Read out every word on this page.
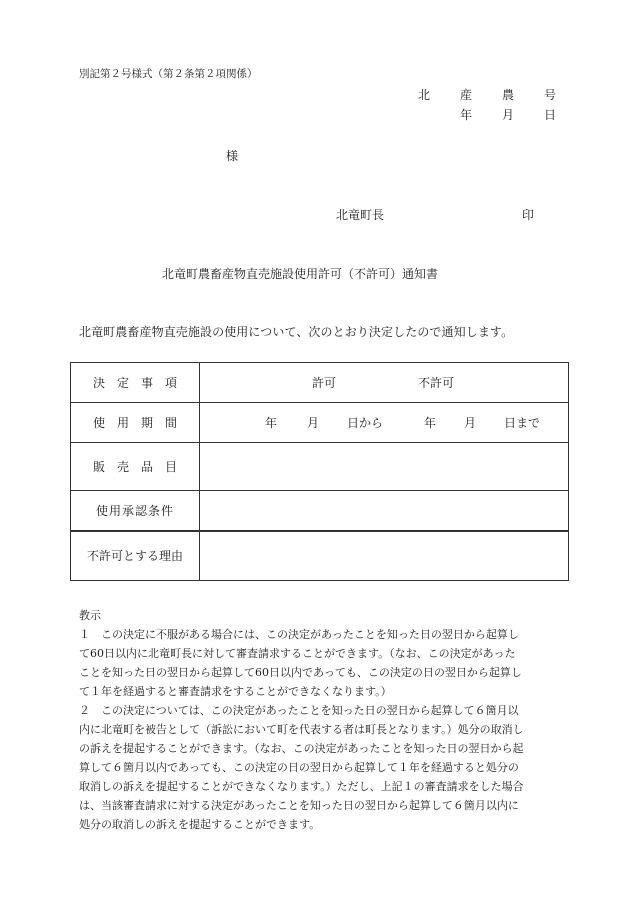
別記第２号様式（第２条第２項関係）
北 産 農 号
年 月 日
様
北竜町長	印
北竜町農畜産物直売施設使用許可（不許可）通知書
北竜町農畜産物直売施設の使用について、次のとおり決定したので通知します。
決　定　事　項	許可 不許可
使　用　期　間	年 月 日から 年 月 日まで
販　売　品　目	
使用承認条件	
不許可とする理由	

教示

１　この決定に不服がある場合には、この決定があったことを知った日の翌日から起算し

て60日以内に北竜町長に対して審査請求することができます。（なお、この決定があった

ことを知った日の翌日から起算して60日以内であっても、この決定の日の翌日から起算し

て１年を経過すると審査請求をすることができなくなります。）

２　この決定については、この決定があったことを知った日の翌日から起算して６箇月以

内に北竜町を被告として（訴訟において町を代表する者は町長となります。）処分の取消し

の訴えを提起することができます。（なお、この決定があったことを知った日の翌日から起

算して６箇月以内であっても、この決定の日の翌日から起算して１年を経過すると処分の

取消しの訴えを提起することができなくなります。）ただし、上記１の審査請求をした場合

は、当該審査請求に対する決定があったことを知った日の翌日から起算して６箇月以内に

処分の取消しの訴えを提起することができます。
